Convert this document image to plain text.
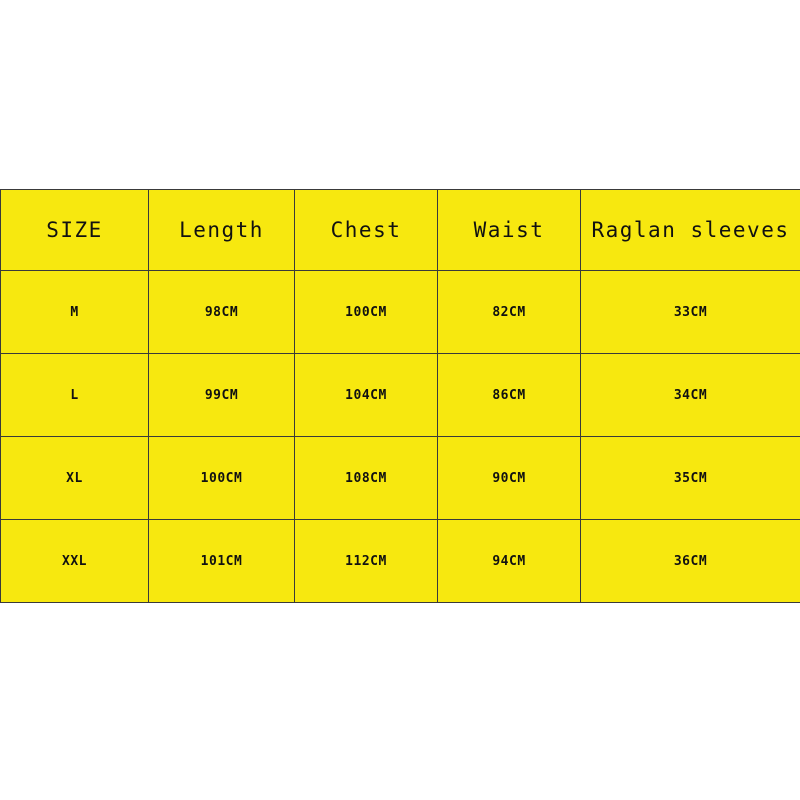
SIZE	Length	Chest	Waist	Raglan sleeves
M	98CM	100CM	82CM	33CM
L	99CM	104CM	86CM	34CM
XL	100CM	108CM	90CM	35CM
XXL	101CM	112CM	94CM	36CM
